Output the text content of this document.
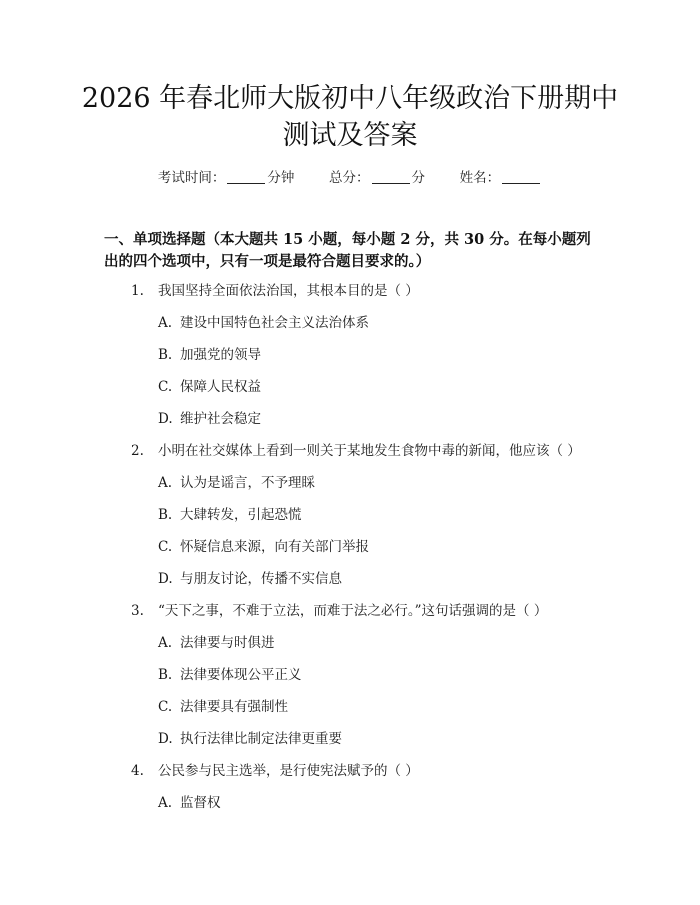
2026 年春北师大版初中八年级政治下册期中
测试及答案
考试时间：	分钟	总分：	分	姓名：
一、单项选择题（本大题共 15 小题，每小题 2 分，共 30 分。在每小题列出的四个选项中，只有一项是最符合题目要求的。）
1. 我国坚持全面依法治国，其根本目的是（ ）
A. 建设中国特色社会主义法治体系
B. 加强党的领导
C. 保障人民权益
D. 维护社会稳定
2. 小明在社交媒体上看到一则关于某地发生食物中毒的新闻，他应该（ ）
A. 认为是谣言，不予理睬
B. 大肆转发，引起恐慌
C. 怀疑信息来源，向有关部门举报
D. 与朋友讨论，传播不实信息
3. “天下之事，不难于立法，而难于法之必行。”这句话强调的是（ ）
A. 法律要与时俱进
B. 法律要体现公平正义
C. 法律要具有强制性
D. 执行法律比制定法律更重要
4. 公民参与民主选举，是行使宪法赋予的（ ）
A. 监督权
